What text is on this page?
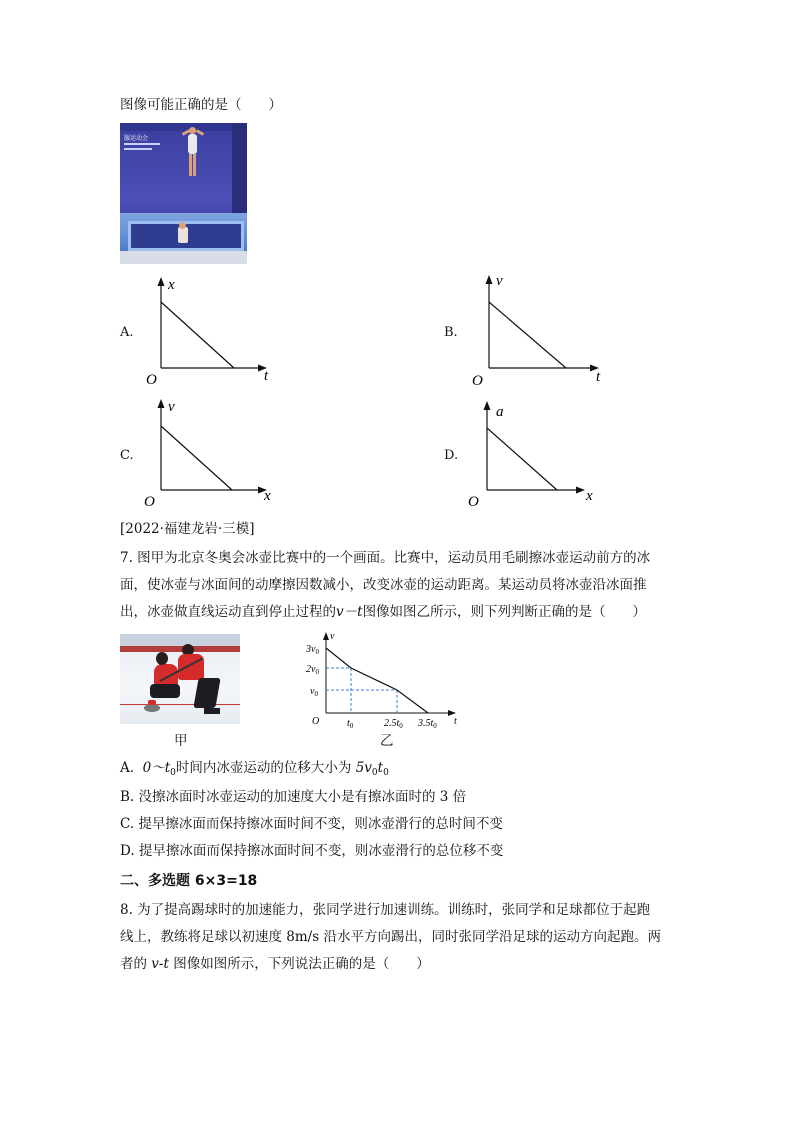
图像可能正确的是（　　）
服运动会
A.
x
t
O
B.
v
t
O
C.
v
x
O
D.
a
x
O
[2022·福建龙岩·三模]
7. 图甲为北京冬奥会冰壶比赛中的一个画面。比赛中，运动员用毛刷擦冰壶运动前方的冰
面，使冰壶与冰面间的动摩擦因数减小，改变冰壶的运动距离。某运动员将冰壶沿冰面推
出，冰壶做直线运动直到停止过程的v－t图像如图乙所示，则下列判断正确的是（　　）
甲
v
t
O
$3v_0$
$2v_0$
$v_0$
$t_0$	$2.5t_0$ $3.5t_0$
乙
A. $0\sim t_0$时间内冰壶运动的位移大小为 $5v_0t_0$
B. 没擦冰面时冰壶运动的加速度大小是有擦冰面时的 3 倍
C. 提早擦冰面而保持擦冰面时间不变，则冰壶滑行的总时间不变
D. 提早擦冰面而保持擦冰面时间不变，则冰壶滑行的总位移不变
二、多选题 6×3=18
8. 为了提高踢球时的加速能力，张同学进行加速训练。训练时，张同学和足球都位于起跑
线上，教练将足球以初速度 8m/s 沿水平方向踢出，同时张同学沿足球的运动方向起跑。两
者的 v-t 图像如图所示，下列说法正确的是（　　）
